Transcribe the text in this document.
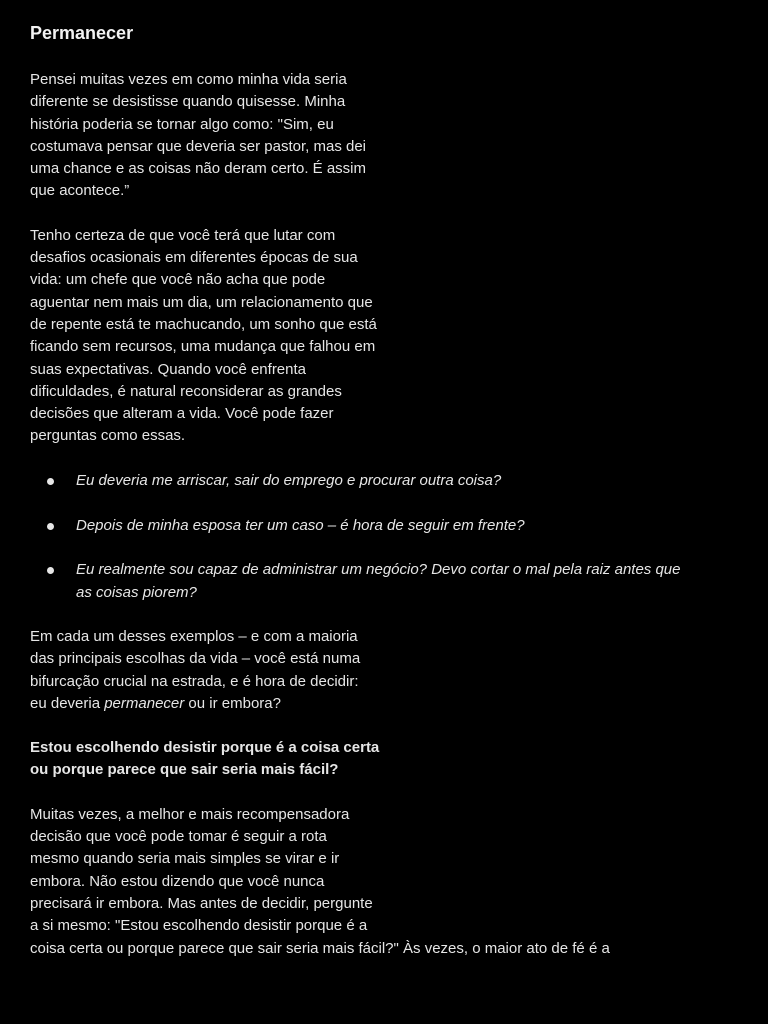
Permanecer

Pensei muitas vezes em como minha vida seria
diferente se desistisse quando quisesse. Minha
história poderia se tornar algo como: "Sim, eu
costumava pensar que deveria ser pastor, mas dei
uma chance e as coisas não deram certo. É assim
que acontece.”

Tenho certeza de que você terá que lutar com
desafios ocasionais em diferentes épocas de sua
vida: um chefe que você não acha que pode
aguentar nem mais um dia, um relacionamento que
de repente está te machucando, um sonho que está
ficando sem recursos, uma mudança que falhou em
suas expectativas. Quando você enfrenta
dificuldades, é natural reconsiderar as grandes
decisões que alteram a vida. Você pode fazer
perguntas como essas.

Eu deveria me arriscar, sair do emprego e procurar outra coisa?
Depois de minha esposa ter um caso – é hora de seguir em frente?
Eu realmente sou capaz de administrar um negócio? Devo cortar o mal pela raiz antes que
as coisas piorem?

Em cada um desses exemplos – e com a maioria
das principais escolhas da vida – você está numa
bifurcação crucial na estrada, e é hora de decidir:
eu deveria permanecer ou ir embora?

Estou escolhendo desistir porque é a coisa certa
ou porque parece que sair seria mais fácil?

Muitas vezes, a melhor e mais recompensadora
decisão que você pode tomar é seguir a rota
mesmo quando seria mais simples se virar e ir
embora. Não estou dizendo que você nunca
precisará ir embora. Mas antes de decidir, pergunte
a si mesmo: "Estou escolhendo desistir porque é a
coisa certa ou porque parece que sair seria mais fácil?" Às vezes, o maior ato de fé é a
